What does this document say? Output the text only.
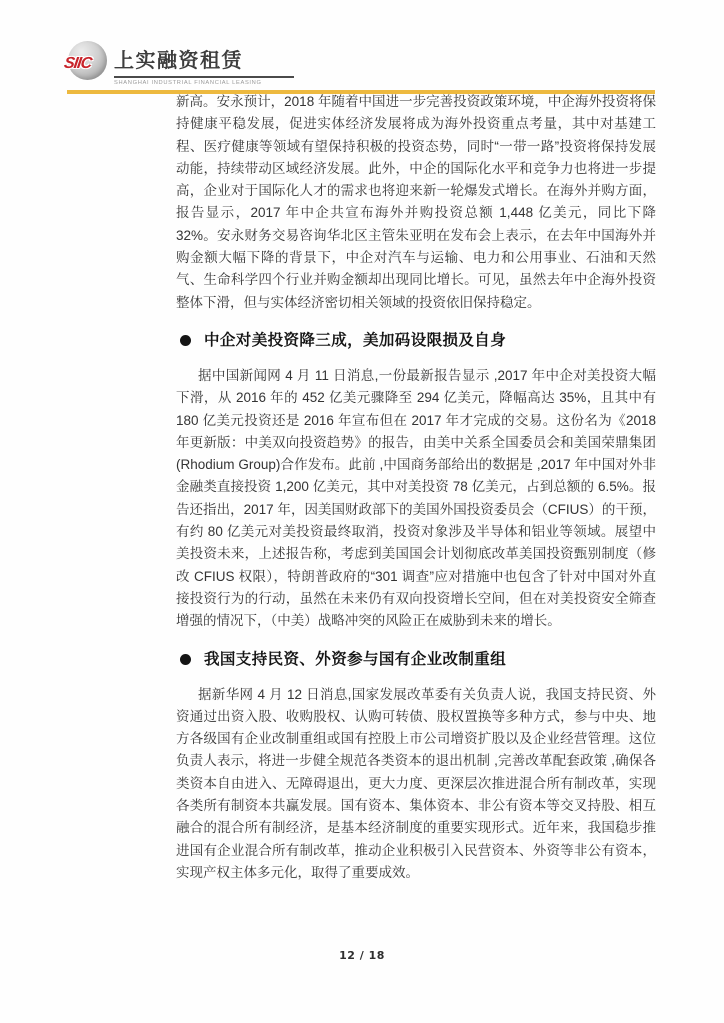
SIIC 上实融资租赁
SHANGHAI INDUSTRIAL FINANCIAL LEASING

新高。安永预计，2018 年随着中国进一步完善投资政策环境，中企海外投资将保持健康平稳发展，促进实体经济发展将成为海外投资重点考量，其中对基建工程、医疗健康等领域有望保持积极的投资态势，同时“一带一路”投资将保持发展动能，持续带动区域经济发展。此外，中企的国际化水平和竞争力也将进一步提高，企业对于国际化人才的需求也将迎来新一轮爆发式增长。在海外并购方面，报告显示，2017 年中企共宣布海外并购投资总额 1,448 亿美元，同比下降 32%。安永财务交易咨询华北区主管朱亚明在发布会上表示，在去年中国海外并购金额大幅下降的背景下，中企对汽车与运输、电力和公用事业、石油和天然气、生命科学四个行业并购金额却出现同比增长。可见，虽然去年中企海外投资整体下滑，但与实体经济密切相关领域的投资依旧保持稳定。

中企对美投资降三成，美加码设限损及自身

据中国新闻网 4 月 11 日消息,一份最新报告显示 ,2017 年中企对美投资大幅下滑，从 2016 年的 452 亿美元骤降至 294 亿美元，降幅高达 35%，且其中有 180 亿美元投资还是 2016 年宣布但在 2017 年才完成的交易。这份名为《2018 年更新版：中美双向投资趋势》的报告，由美中关系全国委员会和美国荣鼎集团(Rhodium Group)合作发布。此前 ,中国商务部给出的数据是 ,2017 年中国对外非金融类直接投资 1,200 亿美元，其中对美投资 78 亿美元，占到总额的 6.5%。报告还指出，2017 年，因美国财政部下的美国外国投资委员会（CFIUS）的干预，有约 80 亿美元对美投资最终取消，投资对象涉及半导体和铝业等领域。展望中美投资未来，上述报告称，考虑到美国国会计划彻底改革美国投资甄别制度（修改 CFIUS 权限），特朗普政府的“301 调查”应对措施中也包含了针对中国对外直接投资行为的行动，虽然在未来仍有双向投资增长空间，但在对美投资安全筛查增强的情况下，（中美）战略冲突的风险正在威胁到未来的增长。

我国支持民资、外资参与国有企业改制重组

据新华网 4 月 12 日消息,国家发展改革委有关负责人说，我国支持民资、外资通过出资入股、收购股权、认购可转债、股权置换等多种方式，参与中央、地方各级国有企业改制重组或国有控股上市公司增资扩股以及企业经营管理。这位负责人表示，将进一步健全规范各类资本的退出机制 ,完善改革配套政策 ,确保各类资本自由进入、无障碍退出，更大力度、更深层次推进混合所有制改革，实现各类所有制资本共赢发展。国有资本、集体资本、非公有资本等交叉持股、相互融合的混合所有制经济，是基本经济制度的重要实现形式。近年来，我国稳步推进国有企业混合所有制改革，推动企业积极引入民营资本、外资等非公有资本，实现产权主体多元化，取得了重要成效。

12 / 18
